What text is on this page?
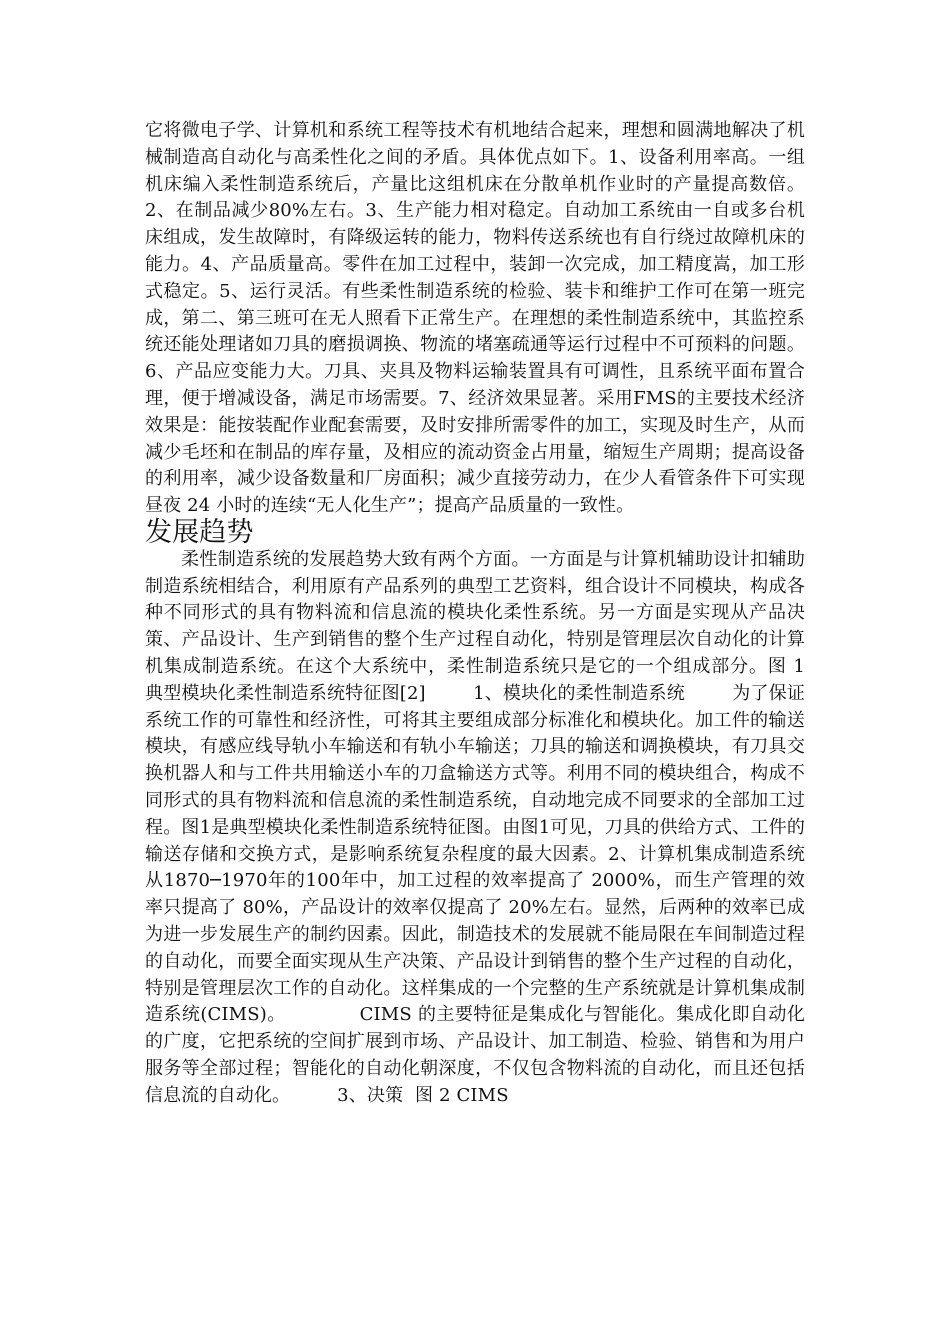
它将微电子学、计算机和系统工程等技术有机地结合起来，理想和圆满地解决了机械制造高自动化与高柔性化之间的矛盾。具体优点如下。1、设备利用率高。一组机床编入柔性制造系统后，产量比这组机床在分散单机作业时的产量提高数倍。2、在制品减少80%左右。3、生产能力相对稳定。自动加工系统由一自或多台机床组成，发生故障时，有降级运转的能力，物料传送系统也有自行绕过故障机床的能力。4、产品质量高。零件在加工过程中，装卸一次完成，加工精度嵩，加工形式稳定。5、运行灵活。有些柔性制造系统的检验、装卡和维护工作可在第一班完成，第二、第三班可在无人照看下正常生产。在理想的柔性制造系统中，其监控系统还能处理诸如刀具的磨损调换、物流的堵塞疏通等运行过程中不可预料的问题。6、产品应变能力大。刀具、夹具及物料运输装置具有可调性，且系统平面布置合理，便于增减设备，满足市场需要。7、经济效果显著。采用FMS的主要技术经济效果是：能按装配作业配套需要，及时安排所需零件的加工，实现及时生产，从而减少毛坯和在制品的库存量，及相应的流动资金占用量，缩短生产周期；提高设备的利用率，减少设备数量和厂房面积；减少直接劳动力，在少人看管条件下可实现昼夜 24 小时的连续“无人化生产”；提高产品质量的一致性。

发展趋势

柔性制造系统的发展趋势大致有两个方面。一方面是与计算机辅助设计扣辅助制造系统相结合，利用原有产品系列的典型工艺资料，组合设计不同模块，构成各种不同形式的具有物料流和信息流的模块化柔性系统。另一方面是实现从产品决策、产品设计、生产到销售的整个生产过程自动化，特别是管理层次自动化的计算机集成制造系统。在这个大系统中，柔性制造系统只是它的一个组成部分。图 1  典型模块化柔性制造系统特征图[2]        1、模块化的柔性制造系统        为了保证系统工作的可靠性和经济性，可将其主要组成部分标准化和模块化。加工件的输送模块，有感应线导轨小车输送和有轨小车输送；刀具的输送和调换模块，有刀具交换机器人和与工件共用输送小车的刀盒输送方式等。利用不同的模块组合，构成不同形式的具有物料流和信息流的柔性制造系统，自动地完成不同要求的全部加工过程。图1是典型模块化柔性制造系统特征图。由图1可见，刀具的供给方式、工件的输送存储和交换方式，是影响系统复杂程度的最大因素。2、计算机集成制造系统        从1870─1970年的100年中，加工过程的效率提高了 2000%，而生产管理的效率只提高了 80%，产品设计的效率仅提高了 20%左右。显然，后两种的效率已成为进一步发展生产的制约因素。因此，制造技术的发展就不能局限在车间制造过程的自动化，而要全面实现从生产决策、产品设计到销售的整个生产过程的自动化，特别是管理层次工作的自动化。这样集成的一个完整的生产系统就是计算机集成制造系统(CIMS)。            CIMS 的主要特征是集成化与智能化。集成化即自动化的广度，它把系统的空间扩展到市场、产品设计、加工制造、检验、销售和为用户服务等全部过程；智能化的自动化朝深度，不仅包含物料流的自动化，而且还包括信息流的自动化。        3、决策  图 2 CIMS
